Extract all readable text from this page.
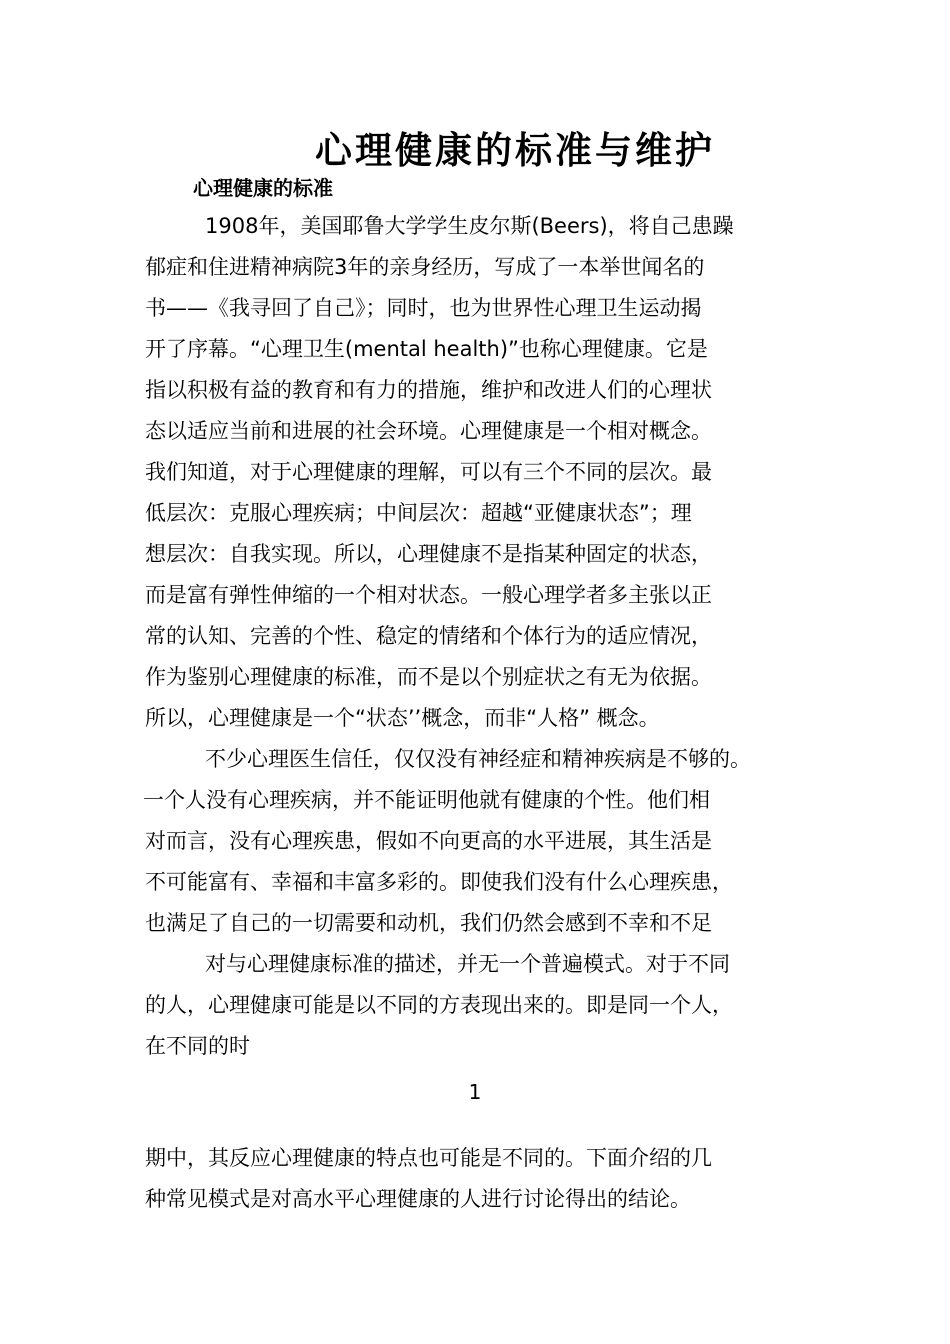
心理健康的标准与维护
心理健康的标准
1908年，美国耶鲁大学学生皮尔斯(Beers)，将自己患躁
郁症和住进精神病院3年的亲身经历，写成了一本举世闻名的
书——《我寻回了自己》；同时，也为世界性心理卫生运动揭
开了序幕。“心理卫生(mental health)”也称心理健康。它是
指以积极有益的教育和有力的措施，维护和改进人们的心理状
态以适应当前和进展的社会环境。心理健康是一个相对概念。
我们知道，对于心理健康的理解，可以有三个不同的层次。最
低层次：克服心理疾病；中间层次：超越“亚健康状态”；理
想层次：自我实现。所以，心理健康不是指某种固定的状态，
而是富有弹性伸缩的一个相对状态。一般心理学者多主张以正
常的认知、完善的个性、稳定的情绪和个体行为的适应情况，
作为鉴别心理健康的标准，而不是以个别症状之有无为依据。
所以，心理健康是一个“状态’’概念，而非“人格” 概念。
不少心理医生信任，仅仅没有神经症和精神疾病是不够的。
一个人没有心理疾病，并不能证明他就有健康的个性。他们相
对而言，没有心理疾患，假如不向更高的水平进展，其生活是
不可能富有、幸福和丰富多彩的。即使我们没有什么心理疾患，
也满足了自己的一切需要和动机，我们仍然会感到不幸和不足
对与心理健康标准的描述，并无一个普遍模式。对于不同
的人，心理健康可能是以不同的方表现出来的。即是同一个人，
在不同的时
1
期中，其反应心理健康的特点也可能是不同的。下面介绍的几
种常见模式是对高水平心理健康的人进行讨论得出的结论。
